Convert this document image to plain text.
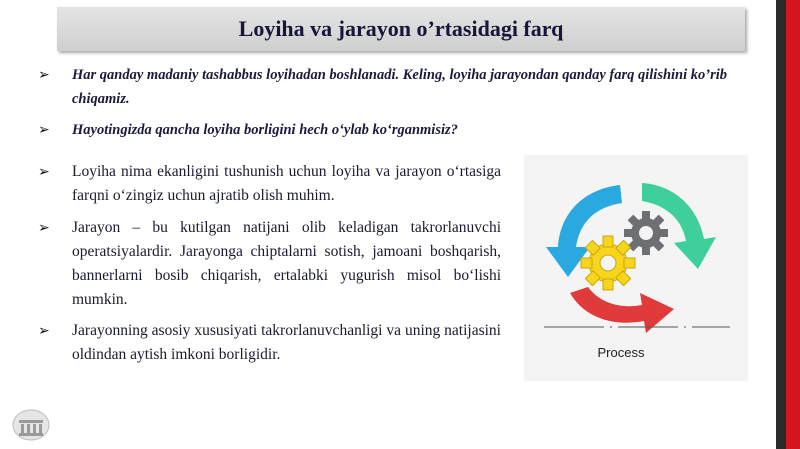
Loyiha va jarayon o’rtasidagi farq
➢	Har qanday madaniy tashabbus loyihadan boshlanadi. Keling, loyiha jarayondan qanday farq qilishini ko’rib chiqamiz.
➢	Hayotingizda qancha loyiha borligini hech o‘ylab ko‘rganmisiz?
➢	Loyiha nima ekanligini tushunish uchun loyiha va jarayon o‘rtasiga farqni o‘zingiz uchun ajratib olish muhim.
➢	Jarayon – bu kutilgan natijani olib keladigan takrorlanuvchi operatsiyalardir. Jarayonga chiptalarni sotish, jamoani boshqarish, bannerlarni bosib chiqarish, ertalabki yugurish misol bo‘lishi mumkin.
➢	Jarayonning asosiy xususiyati takrorlanuvchanligi va uning natijasini oldindan aytish imkoni borligidir.	Process
